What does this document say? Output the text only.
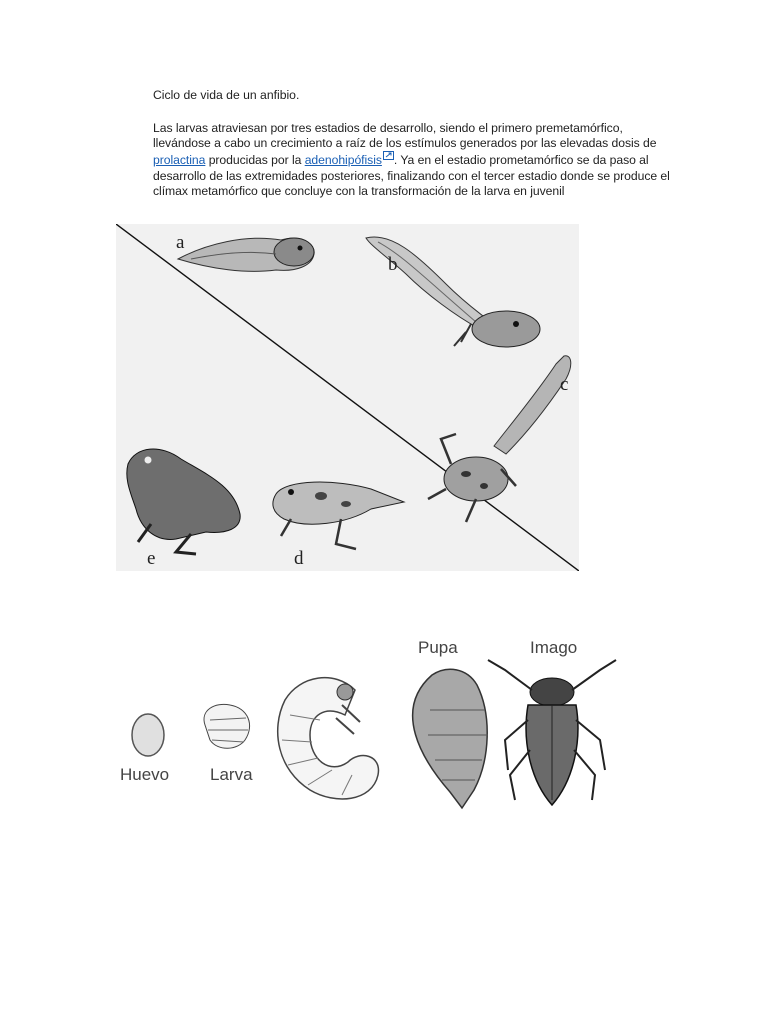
Ciclo de vida de un anfibio.
Las larvas atraviesan por tres estadios de desarrollo, siendo el primero premetamórfico, llevándose a cabo un crecimiento a raíz de los estímulos generados por las elevadas dosis de prolactina producidas por la adenohipófisis . Ya en el estadio prometamórfico se da paso al desarrollo de las extremidades posteriores, finalizando con el tercer estadio donde se produce el clímax metamórfico que concluye con la transformación de la larva en juvenil
a
b
c
d
e
Huevo Larva
Pupa	Imago
